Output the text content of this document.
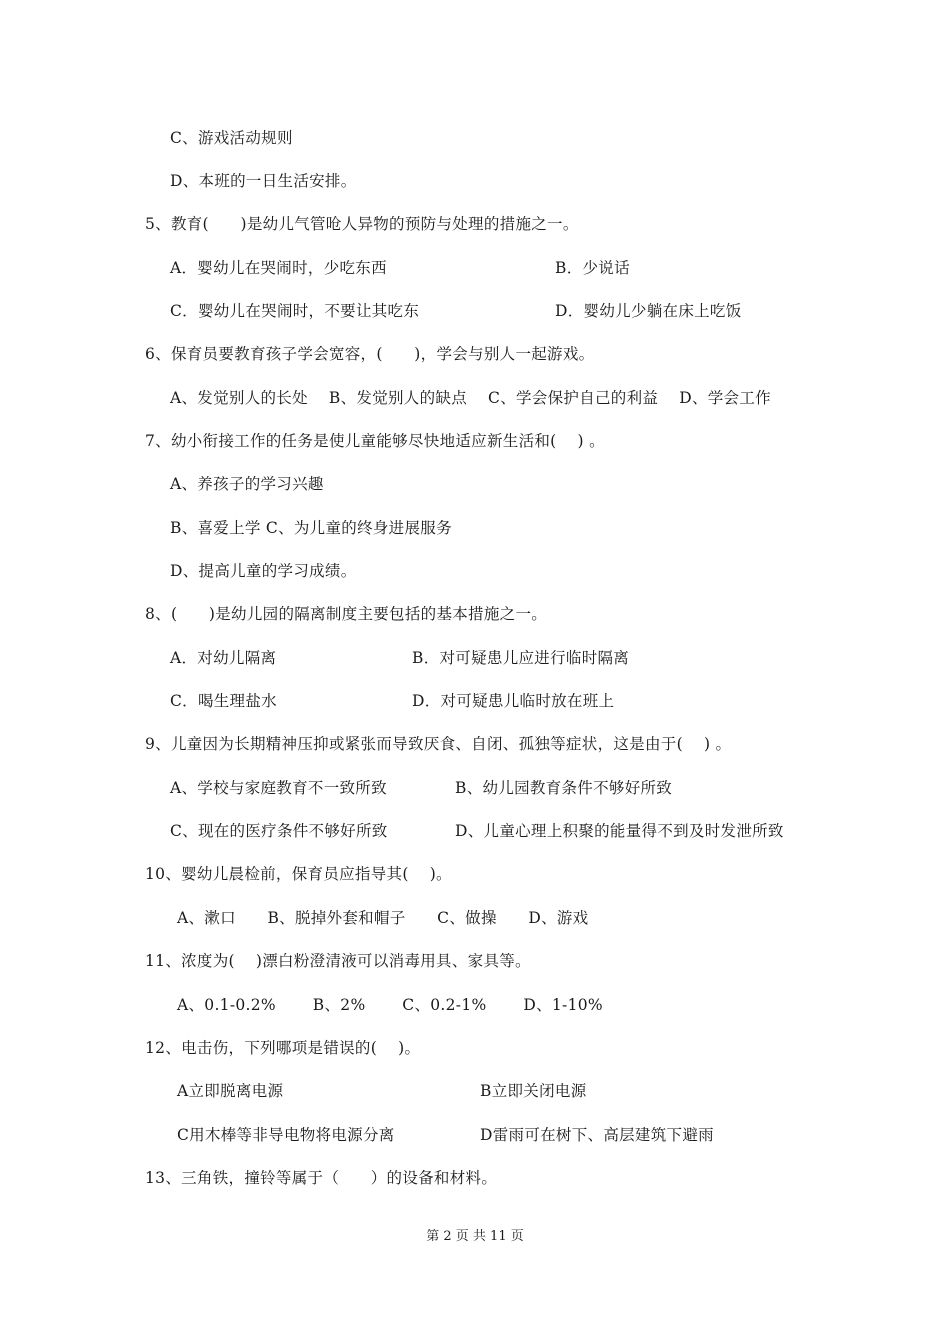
C、游戏活动规则
D、本班的一日生活安排。
5、教育(　　)是幼儿气管呛人异物的预防与处理的措施之一。
A．婴幼儿在哭闹时，少吃东西	B．少说话
C．婴幼儿在哭闹时，不要让其吃东	D．婴幼儿少躺在床上吃饭
6、保育员要教育孩子学会宽容，(　　)，学会与别人一起游戏。
A、发觉别人的长处　 B、发觉别人的缺点　 C、学会保护自己的利益　 D、学会工作
7、幼小衔接工作的任务是使儿童能够尽快地适应新生活和(　 ) 。
A、养孩子的学习兴趣
B、喜爱上学 C、为儿童的终身进展服务
D、提高儿童的学习成绩。
8、(　　)是幼儿园的隔离制度主要包括的基本措施之一。
A．对幼儿隔离	B．对可疑患儿应进行临时隔离
C．喝生理盐水	D．对可疑患儿临时放在班上
9、儿童因为长期精神压抑或紧张而导致厌食、自闭、孤独等症状，这是由于(　 ) 。
A、学校与家庭教育不一致所致	B、幼儿园教育条件不够好所致
C、现在的医疗条件不够好所致	D、儿童心理上积聚的能量得不到及时发泄所致
10、婴幼儿晨检前，保育员应指导其(　 )。
A、漱口　　B、脱掉外套和帽子　　C、做操　　D、游戏
11、浓度为(　 )漂白粉澄清液可以消毒用具、家具等。
A、0.1-0.2%　　 B、2%　　 C、0.2-1%　　 D、1-10%
12、电击伤，下列哪项是错误的(　 )。
A立即脱离电源	B立即关闭电源
C用木棒等非导电物将电源分离	D雷雨可在树下、高层建筑下避雨
13、三角铁，撞铃等属于（　　）的设备和材料。
第 2 页 共 11 页
